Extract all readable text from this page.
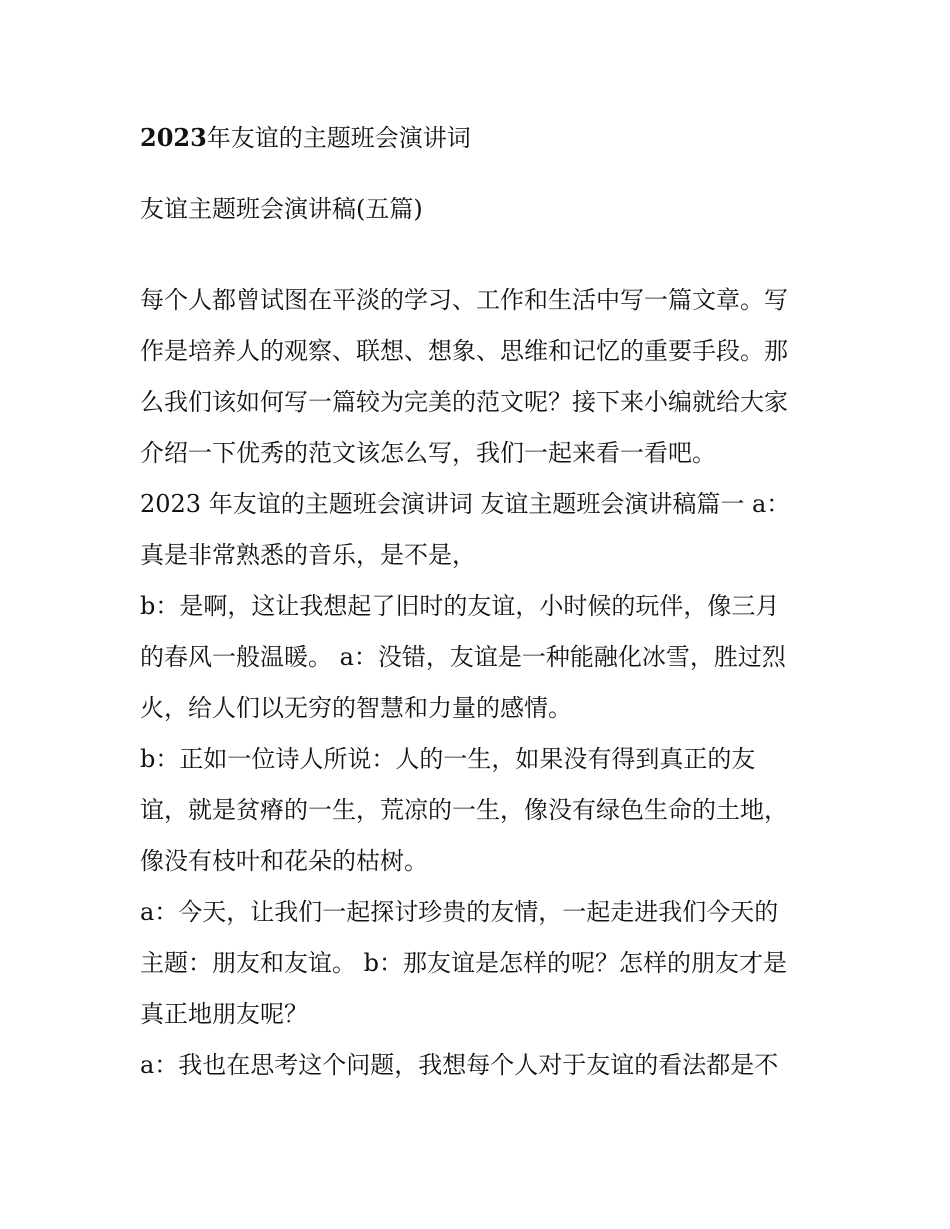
2023年友谊的主题班会演讲词
友谊主题班会演讲稿(五篇)
每个人都曾试图在平淡的学习、工作和生活中写一篇文章。写
作是培养人的观察、联想、想象、思维和记忆的重要手段。那
么我们该如何写一篇较为完美的范文呢？接下来小编就给大家
介绍一下优秀的范文该怎么写，我们一起来看一看吧。
2023 年友谊的主题班会演讲词 友谊主题班会演讲稿篇一 a：
真是非常熟悉的音乐，是不是，
b：是啊，这让我想起了旧时的友谊，小时候的玩伴，像三月
的春风一般温暖。 a：没错，友谊是一种能融化冰雪，胜过烈
火，给人们以无穷的智慧和力量的感情。
b：正如一位诗人所说：人的一生，如果没有得到真正的友
谊，就是贫瘠的一生，荒凉的一生，像没有绿色生命的土地，
像没有枝叶和花朵的枯树。
a：今天，让我们一起探讨珍贵的友情，一起走进我们今天的
主题：朋友和友谊。 b：那友谊是怎样的呢？怎样的朋友才是
真正地朋友呢？
a：我也在思考这个问题，我想每个人对于友谊的看法都是不
